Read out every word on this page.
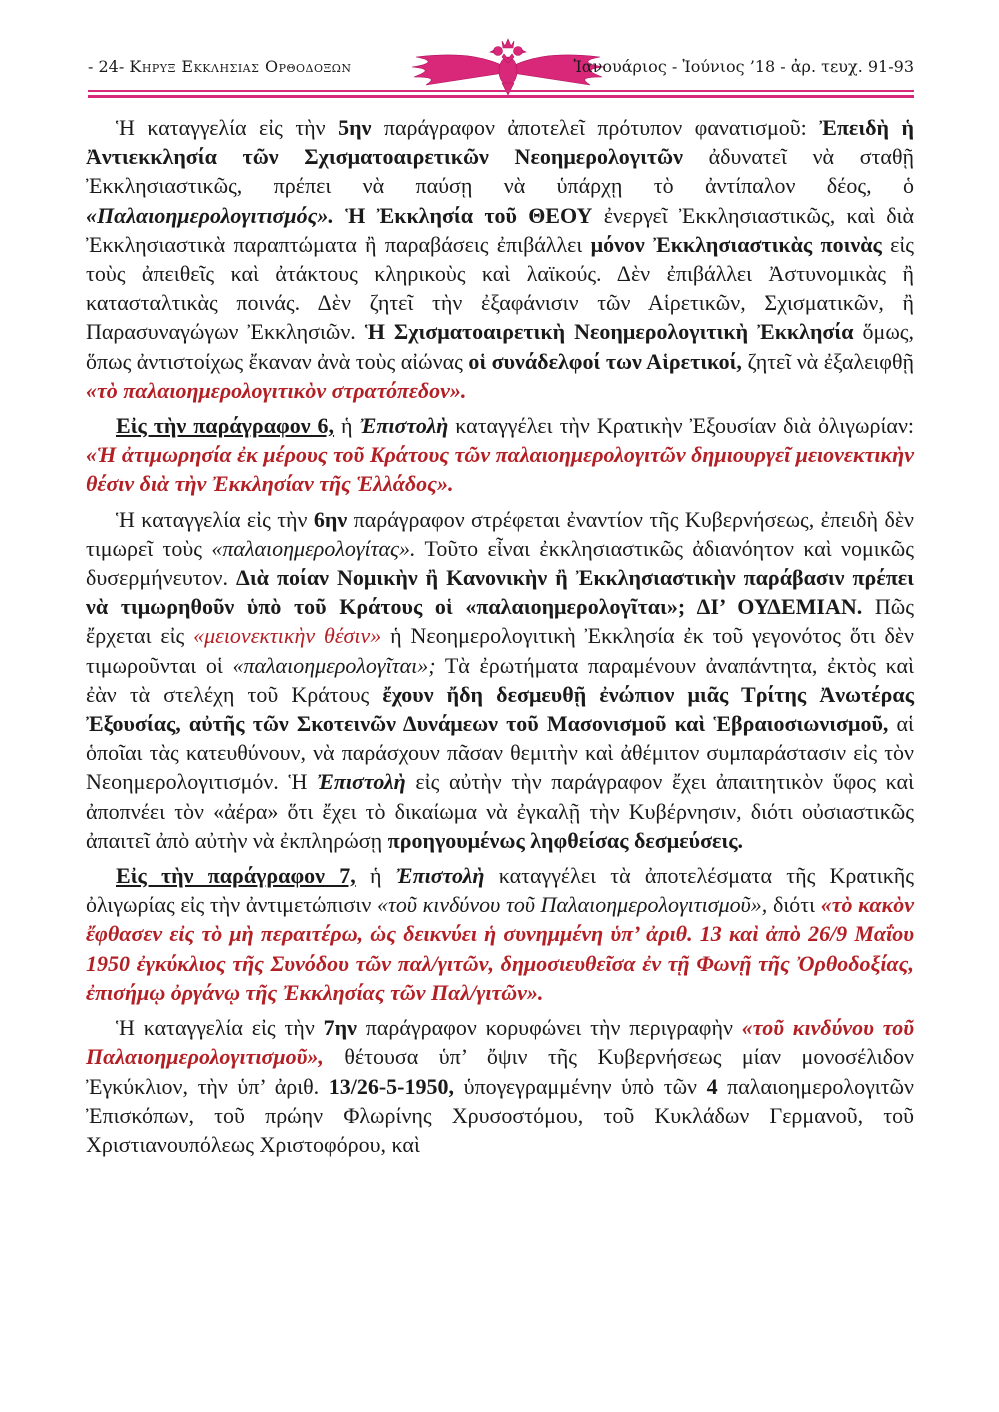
- 24- Κηρυξ Εκκλησιας Ορθοδοξων	Ἰανουάριος - Ἰούνιος ’18 - ἀρ. τευχ. 91-93

Ἡ καταγγελία εἰς τὴν 5ην παράγραφον ἀποτελεῖ πρότυπον φανατισμοῦ: Ἐπειδὴ ἡ Ἀντιεκκλησία τῶν Σχισματοαιρετικῶν Νεοημερολογιτῶν ἀδυνατεῖ νὰ σταθῇ Ἐκκλησιαστικῶς, πρέπει νὰ παύσῃ νὰ ὑπάρχῃ τὸ ἀντίπαλον δέος, ὁ «Παλαιοημερολογιτισμός». Ἡ Ἐκκλησία τοῦ ΘΕΟΥ ἐνεργεῖ Ἐκκλησιαστικῶς, καὶ διὰ Ἐκκλησιαστικὰ παραπτώματα ἢ παραβάσεις ἐπιβάλλει μόνον Ἐκκλησιαστικὰς ποινὰς εἰς τοὺς ἀπειθεῖς καὶ ἀτάκτους κληρικοὺς καὶ λαϊκούς. Δὲν ἐπιβάλλει Ἀστυνομικὰς ἢ κατασταλτικὰς ποινάς. Δὲν ζητεῖ τὴν ἐξαφάνισιν τῶν Αἱρετικῶν, Σχισματικῶν, ἢ Παρασυναγώγων Ἐκκλησιῶν. Ἡ Σχισματοαιρετικὴ Νεοημερολογιτικὴ Ἐκκλησία ὅμως, ὅπως ἀντιστοίχως ἔκαναν ἀνὰ τοὺς αἰώνας οἱ συνάδελφοί των Αἱρετικοί, ζητεῖ νὰ ἐξαλειφθῇ «τὸ παλαιοημερολογιτικὸν στρατόπεδον».

Εἰς τὴν παράγραφον 6, ἡ Ἐπιστολὴ καταγγέλει τὴν Κρατικὴν Ἐξουσίαν διὰ ὀλιγωρίαν: «Ἡ ἀτιμωρησία ἐκ μέρους τοῦ Κράτους τῶν παλαιοημερολογιτῶν δημιουργεῖ μειονεκτικὴν θέσιν διὰ τὴν Ἐκκλησίαν τῆς Ἑλλάδος».

Ἡ καταγγελία εἰς τὴν 6ην παράγραφον στρέφεται ἐναντίον τῆς Κυβερνήσεως, ἐπειδὴ δὲν τιμωρεῖ τοὺς «παλαιοημερολογίτας». Τοῦτο εἶναι ἐκκλησιαστικῶς ἀδιανόητον καὶ νομικῶς δυσερμήνευτον. Διὰ ποίαν Νομικὴν ἢ Κανονικὴν ἢ Ἐκκλησιαστικὴν παράβασιν πρέπει νὰ τιμωρηθοῦν ὑπὸ τοῦ Κράτους οἱ «παλαιοημερολογῖται»; ΔΙ’ ΟΥΔΕΜΙΑΝ. Πῶς ἔρχεται εἰς «μειονεκτικὴν θέσιν» ἡ Νεοημερολογιτικὴ Ἐκκλησία ἐκ τοῦ γεγονότος ὅτι δὲν τιμωροῦνται οἱ «παλαιοημερολογῖται»; Τὰ ἐρωτήματα παραμένουν ἀναπάντητα, ἐκτὸς καὶ ἐὰν τὰ στελέχη τοῦ Κράτους ἔχουν ἤδη δεσμευθῇ ἐνώπιον μιᾶς Τρίτης Ἀνωτέρας Ἐξουσίας, αὐτῆς τῶν Σκοτεινῶν Δυνάμεων τοῦ Μασονισμοῦ καὶ Ἑβραιοσιωνισμοῦ, αἱ ὁποῖαι τὰς κατευθύνουν, νὰ παράσχουν πᾶσαν θεμιτὴν καὶ ἀθέμιτον συμπαράστασιν εἰς τὸν Νεοημερολογιτισμόν. Ἡ Ἐπιστολὴ εἰς αὐτὴν τὴν παράγραφον ἔχει ἀπαιτητικὸν ὕφος καὶ ἀποπνέει τὸν «ἀέρα» ὅτι ἔχει τὸ δικαίωμα νὰ ἐγκαλῇ τὴν Κυβέρνησιν, διότι οὐσιαστικῶς ἀπαιτεῖ ἀπὸ αὐτὴν νὰ ἐκπληρώσῃ προηγουμένως ληφθείσας δεσμεύσεις.

Εἰς τὴν παράγραφον 7, ἡ Ἐπιστολὴ καταγγέλει τὰ ἀποτελέσματα τῆς Κρατικῆς ὀλιγωρίας εἰς τὴν ἀντιμετώπισιν «τοῦ κινδύνου τοῦ Παλαιοημερολογιτισμοῦ», διότι «τὸ κακὸν ἔφθασεν εἰς τὸ μὴ περαιτέρω, ὡς δεικνύει ἡ συνημμένη ὑπ’ ἀριθ. 13 καὶ ἀπὸ 26/9 Μαΐου 1950 ἐγκύκλιος τῆς Συνόδου τῶν παλ/γιτῶν, δημοσιευθεῖσα ἐν τῇ Φωνῇ τῆς Ὀρθοδοξίας, ἐπισήμῳ ὀργάνῳ τῆς Ἐκκλησίας τῶν Παλ/γιτῶν».

Ἡ καταγγελία εἰς τὴν 7ην παράγραφον κορυφώνει τὴν περιγραφὴν «τοῦ κινδύνου τοῦ Παλαιοημερολογιτισμοῦ», θέτουσα ὑπ’ ὄψιν τῆς Κυβερνήσεως μίαν μονοσέλιδον Ἐγκύκλιον, τὴν ὑπ’ ἀριθ. 13/26-5-1950, ὑπογεγραμμένην ὑπὸ τῶν 4 παλαιοημερολογιτῶν Ἐπισκόπων, τοῦ πρώην Φλωρίνης Χρυσοστόμου, τοῦ Κυκλάδων Γερμανοῦ, τοῦ Χριστιανουπόλεως Χριστοφόρου, καὶ
